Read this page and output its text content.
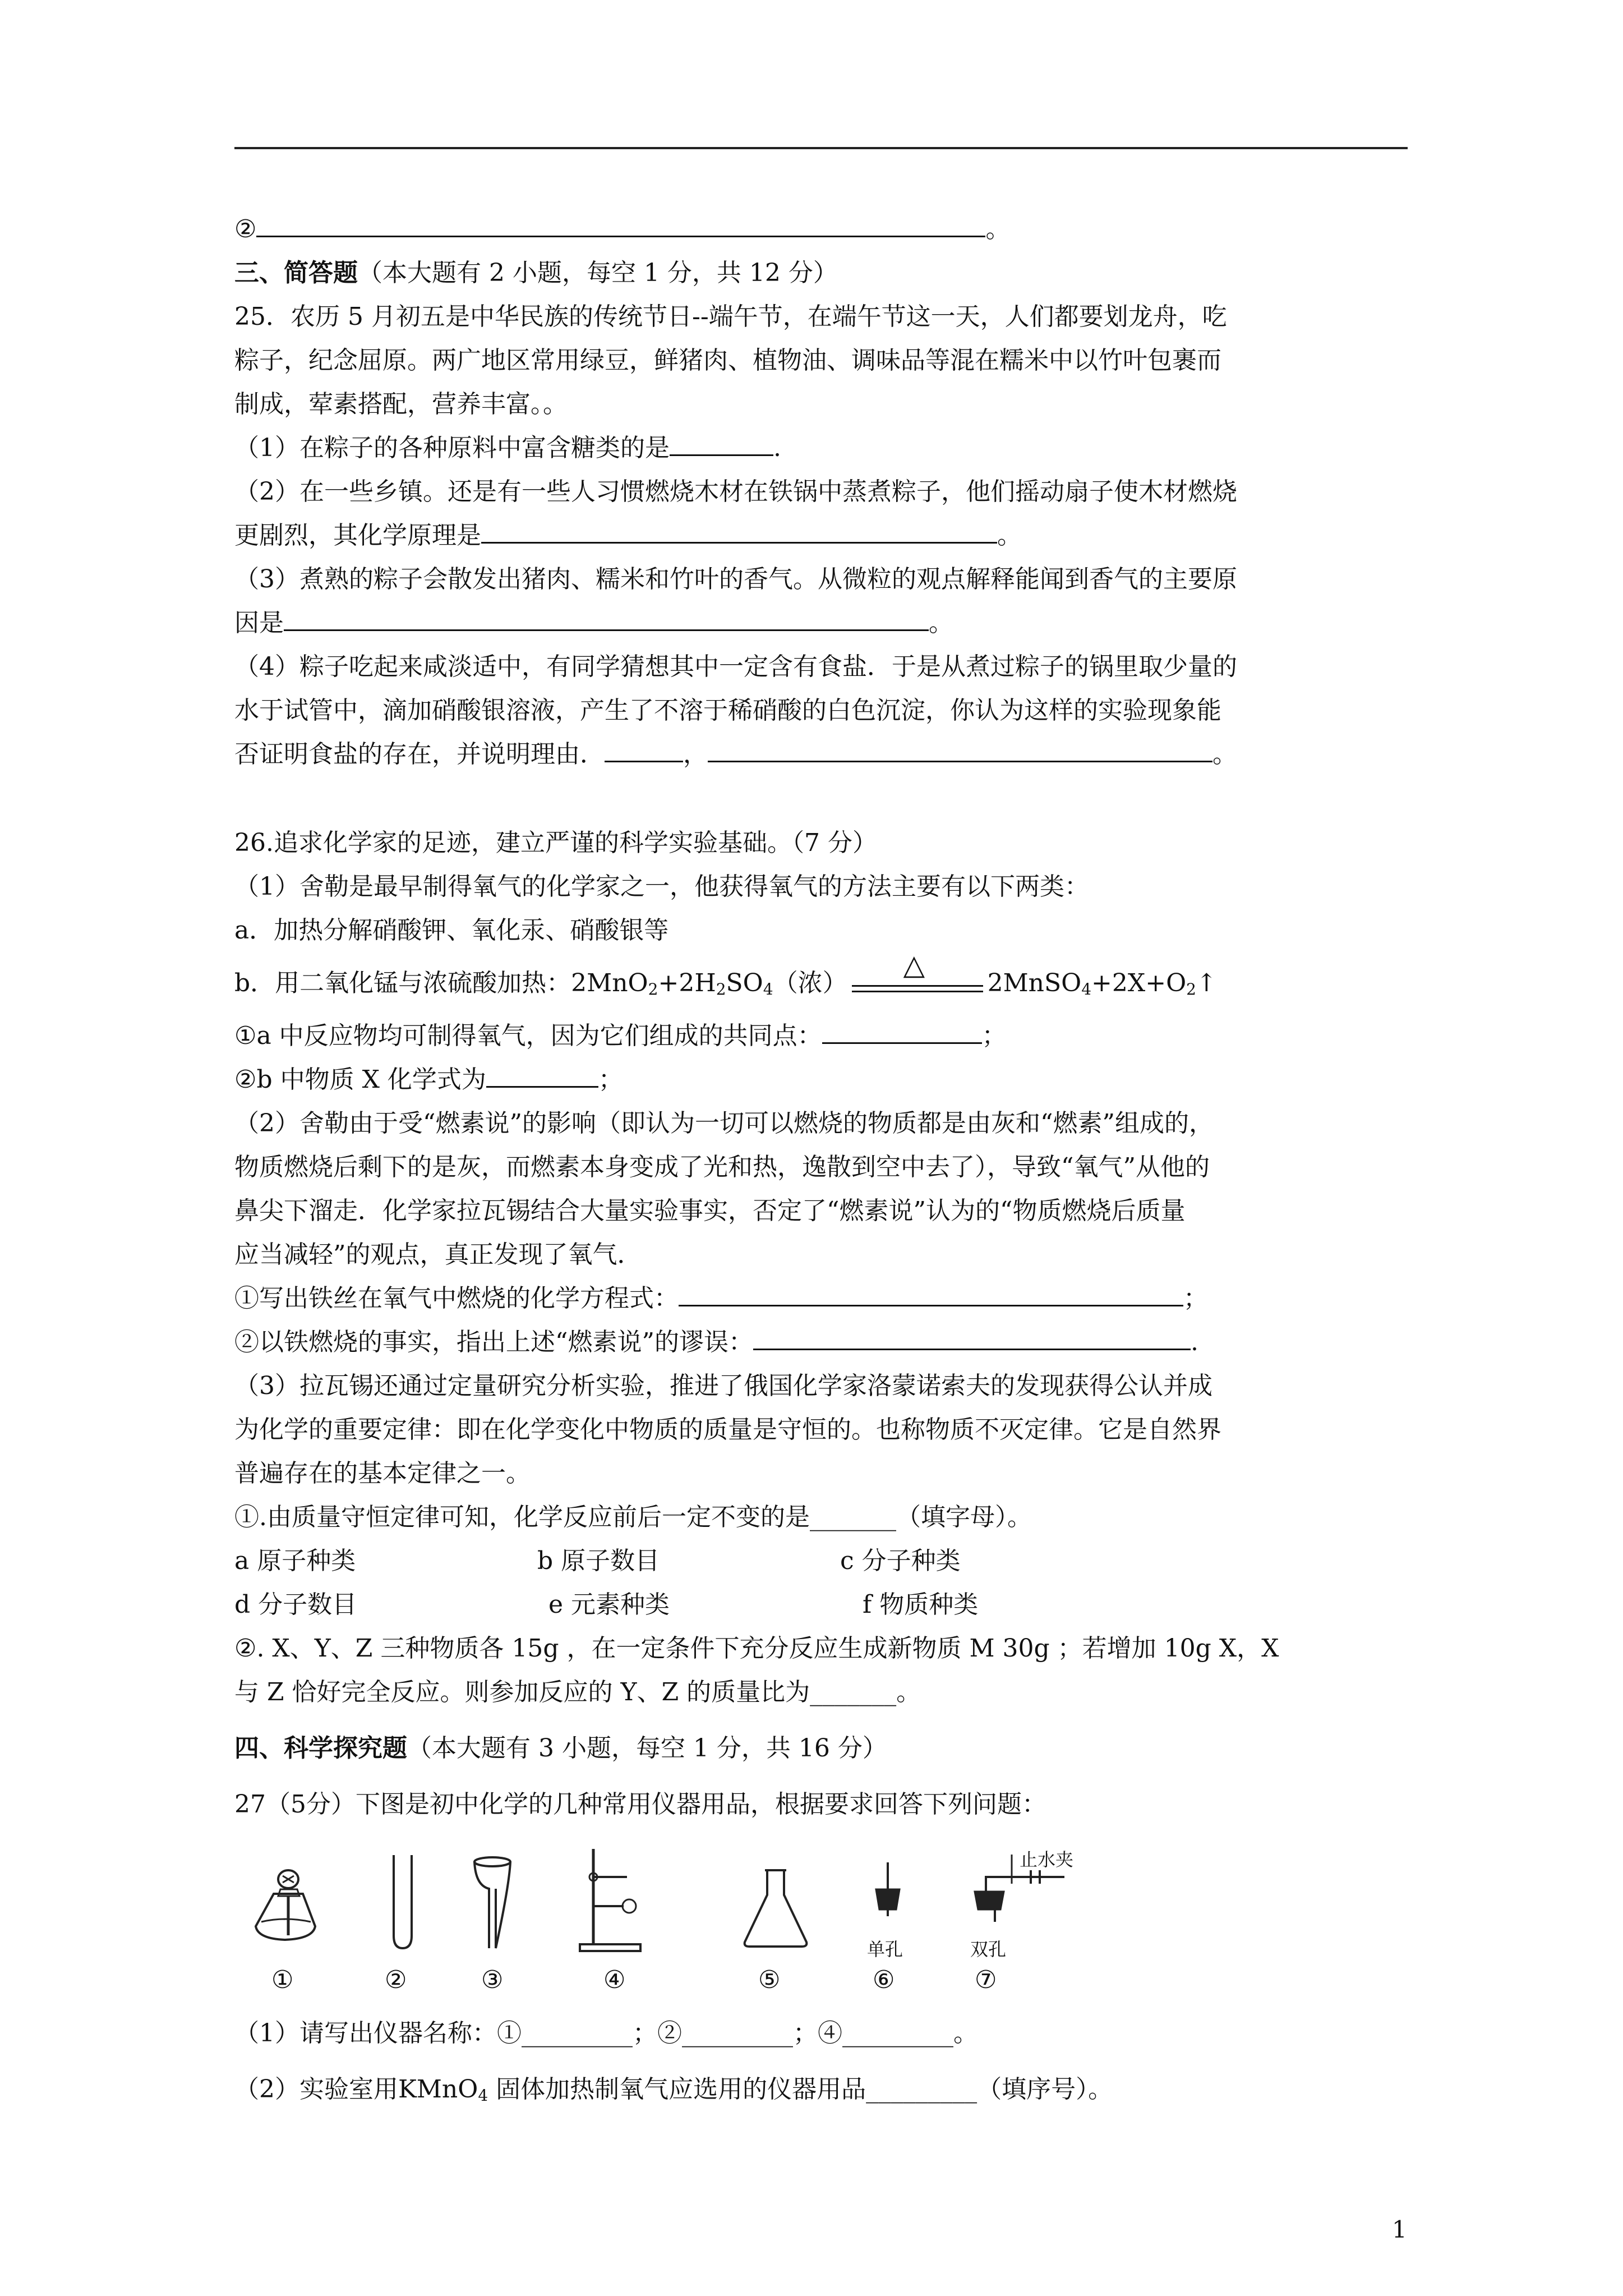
②	。
三、简答题（本大题有 2 小题，每空 1 分，共 12 分）
25．农历 5 月初五是中华民族的传统节日--端午节，在端午节这一天，人们都要划龙舟，吃
粽子，纪念屈原。两广地区常用绿豆，鲜猪肉、植物油、调味品等混在糯米中以竹叶包裹而
制成，荤素搭配，营养丰富。。
（1）在粽子的各种原料中富含糖类的是	.
（2）在一些乡镇。还是有一些人习惯燃烧木材在铁锅中蒸煮粽子，他们摇动扇子使木材燃烧
更剧烈，其化学原理是	。
（3）煮熟的粽子会散发出猪肉、糯米和竹叶的香气。从微粒的观点解释能闻到香气的主要原
因是	。
（4）粽子吃起来咸淡适中，有同学猜想其中一定含有食盐．于是从煮过粽子的锅里取少量的
水于试管中，滴加硝酸银溶液，产生了不溶于稀硝酸的白色沉淀，你认为这样的实验现象能
否证明食盐的存在，并说明理由．	，	。
26.追求化学家的足迹，建立严谨的科学实验基础。（7 分）
（1）舍勒是最早制得氧气的化学家之一，他获得氧气的方法主要有以下两类：
a．加热分解硝酸钾、氧化汞、硝酸银等
b．用二氧化锰与浓硫酸加热：$2MnO_2+2H_2SO_4$（浓）
△
$2MnSO_4+2X+O_2↑$
①a 中反应物均可制得氧气，因为它们组成的共同点：	；
②b 中物质 X 化学式为	；
（2）舍勒由于受“燃素说”的影响（即认为一切可以燃烧的物质都是由灰和“燃素”组成的，
物质燃烧后剩下的是灰，而燃素本身变成了光和热，逸散到空中去了），导致“氧气”从他的
鼻尖下溜走．化学家拉瓦锡结合大量实验事实，否定了“燃素说”认为的“物质燃烧后质量
应当减轻”的观点，真正发现了氧气．
①写出铁丝在氧气中燃烧的化学方程式：	；
②以铁燃烧的事实，指出上述“燃素说”的谬误：	.
（3）拉瓦锡还通过定量研究分析实验，推进了俄国化学家洛蒙诺索夫的发现获得公认并成
为化学的重要定律：即在化学变化中物质的质量是守恒的。也称物质不灭定律。它是自然界
普遍存在的基本定律之一。
①.由质量守恒定律可知，化学反应前后一定不变的是_______（填字母）。
a 原子种类	b 原子数目	c 分子种类
d 分子数目	e 元素种类	f 物质种类
②. X、Y、Z 三种物质各 15g ，在一定条件下充分反应生成新物质 M 30g ；若增加 10g X，X
与 Z 恰好完全反应。则参加反应的 Y、Z 的质量比为_______。
四、科学探究题（本大题有 3 小题，每空 1 分，共 16 分）
27（5分）下图是初中化学的几种常用仪器用品，根据要求回答下列问题：
①	②	③	④	⑤
单孔
⑥
止水夹
双孔
⑦
（1）请写出仪器名称：①_________；②_________；④_________。
（2）实验室用KMnO$_4$ 固体加热制氧气应选用的仪器用品_________（填序号）。
1
